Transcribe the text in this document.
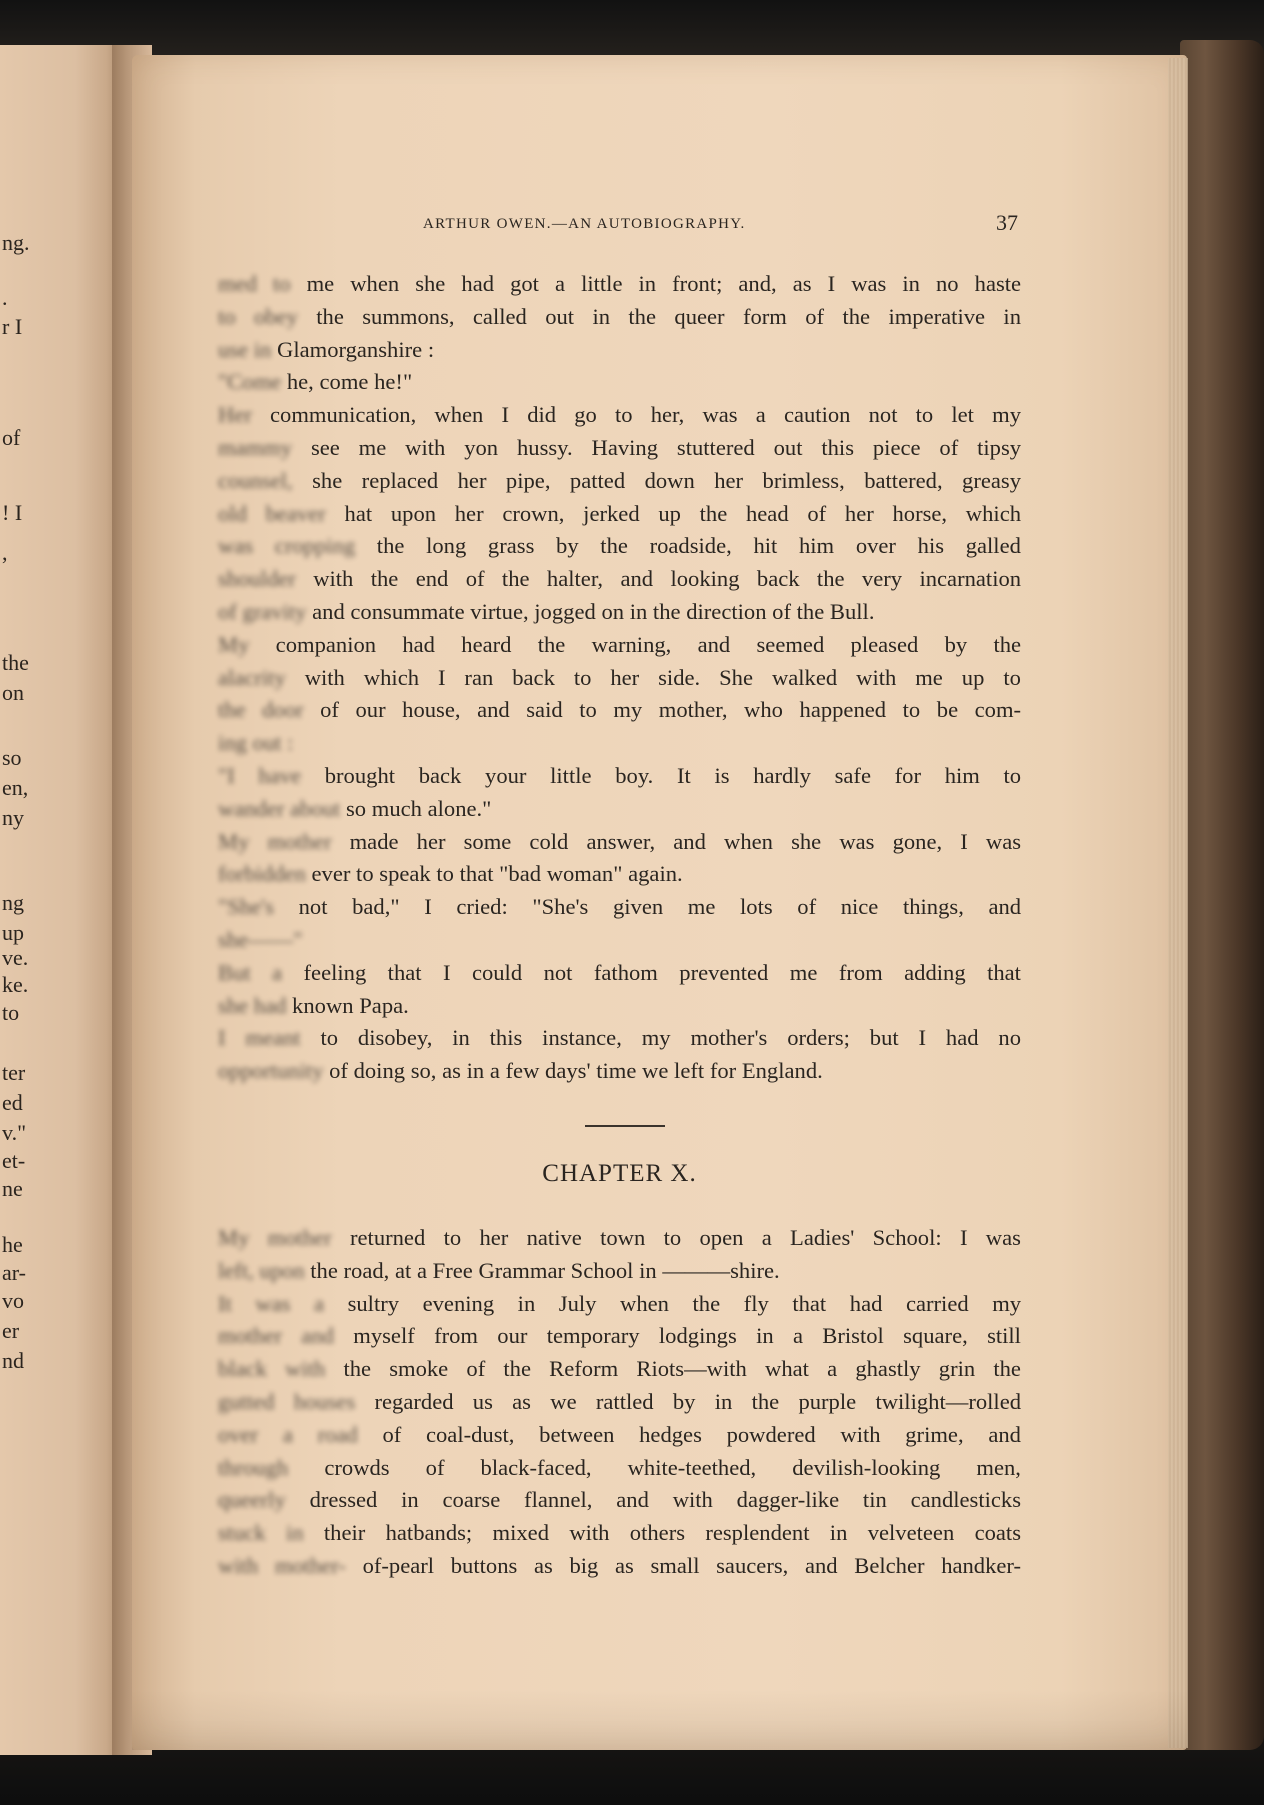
ng.
.
r I
of
! I
,
the
on
so
en,
ny
ng
up
ve.
ke.
to
ter
ed
v."
et-
ne
he
ar-
vo
er
nd
ARTHUR OWEN.—AN AUTOBIOGRAPHY.	37
med to me when she had got a little in front; and, as I was in no haste
to obey the summons, called out in the queer form of the imperative in
use in Glamorganshire :
"Come he, come he!"
Her communication, when I did go to her, was a caution not to let my
mammy see me with yon hussy. Having stuttered out this piece of tipsy
counsel, she replaced her pipe, patted down her brimless, battered, greasy
old beaver hat upon her crown, jerked up the head of her horse, which
was cropping the long grass by the roadside, hit him over his galled
shoulder with the end of the halter, and looking back the very incarnation
of gravity and consummate virtue, jogged on in the direction of the Bull.
My companion had heard the warning, and seemed pleased by the
alacrity with which I ran back to her side. She walked with me up to
the door of our house, and said to my mother, who happened to be com-
ing out :
"I have brought back your little boy. It is hardly safe for him to
wander about so much alone."
My mother made her some cold answer, and when she was gone, I was
forbidden ever to speak to that "bad woman" again.
"She's not bad," I cried: "She's given me lots of nice things, and
she——"
But a feeling that I could not fathom prevented me from adding that
she had known Papa.
I meant to disobey, in this instance, my mother's orders; but I had no
opportunity of doing so, as in a few days' time we left for England.
CHAPTER X.
My mother returned to her native town to open a Ladies' School: I was
left, upon the road, at a Free Grammar School in ———shire.
It was a sultry evening in July when the fly that had carried my
mother and myself from our temporary lodgings in a Bristol square, still
black with the smoke of the Reform Riots—with what a ghastly grin the
gutted houses regarded us as we rattled by in the purple twilight—rolled
over a road of coal-dust, between hedges powdered with grime, and
through crowds of black-faced, white-teethed, devilish-looking men,
queerly dressed in coarse flannel, and with dagger-like tin candlesticks
stuck in their hatbands; mixed with others resplendent in velveteen coats
with mother- of-pearl buttons as big as small saucers, and Belcher handker-
